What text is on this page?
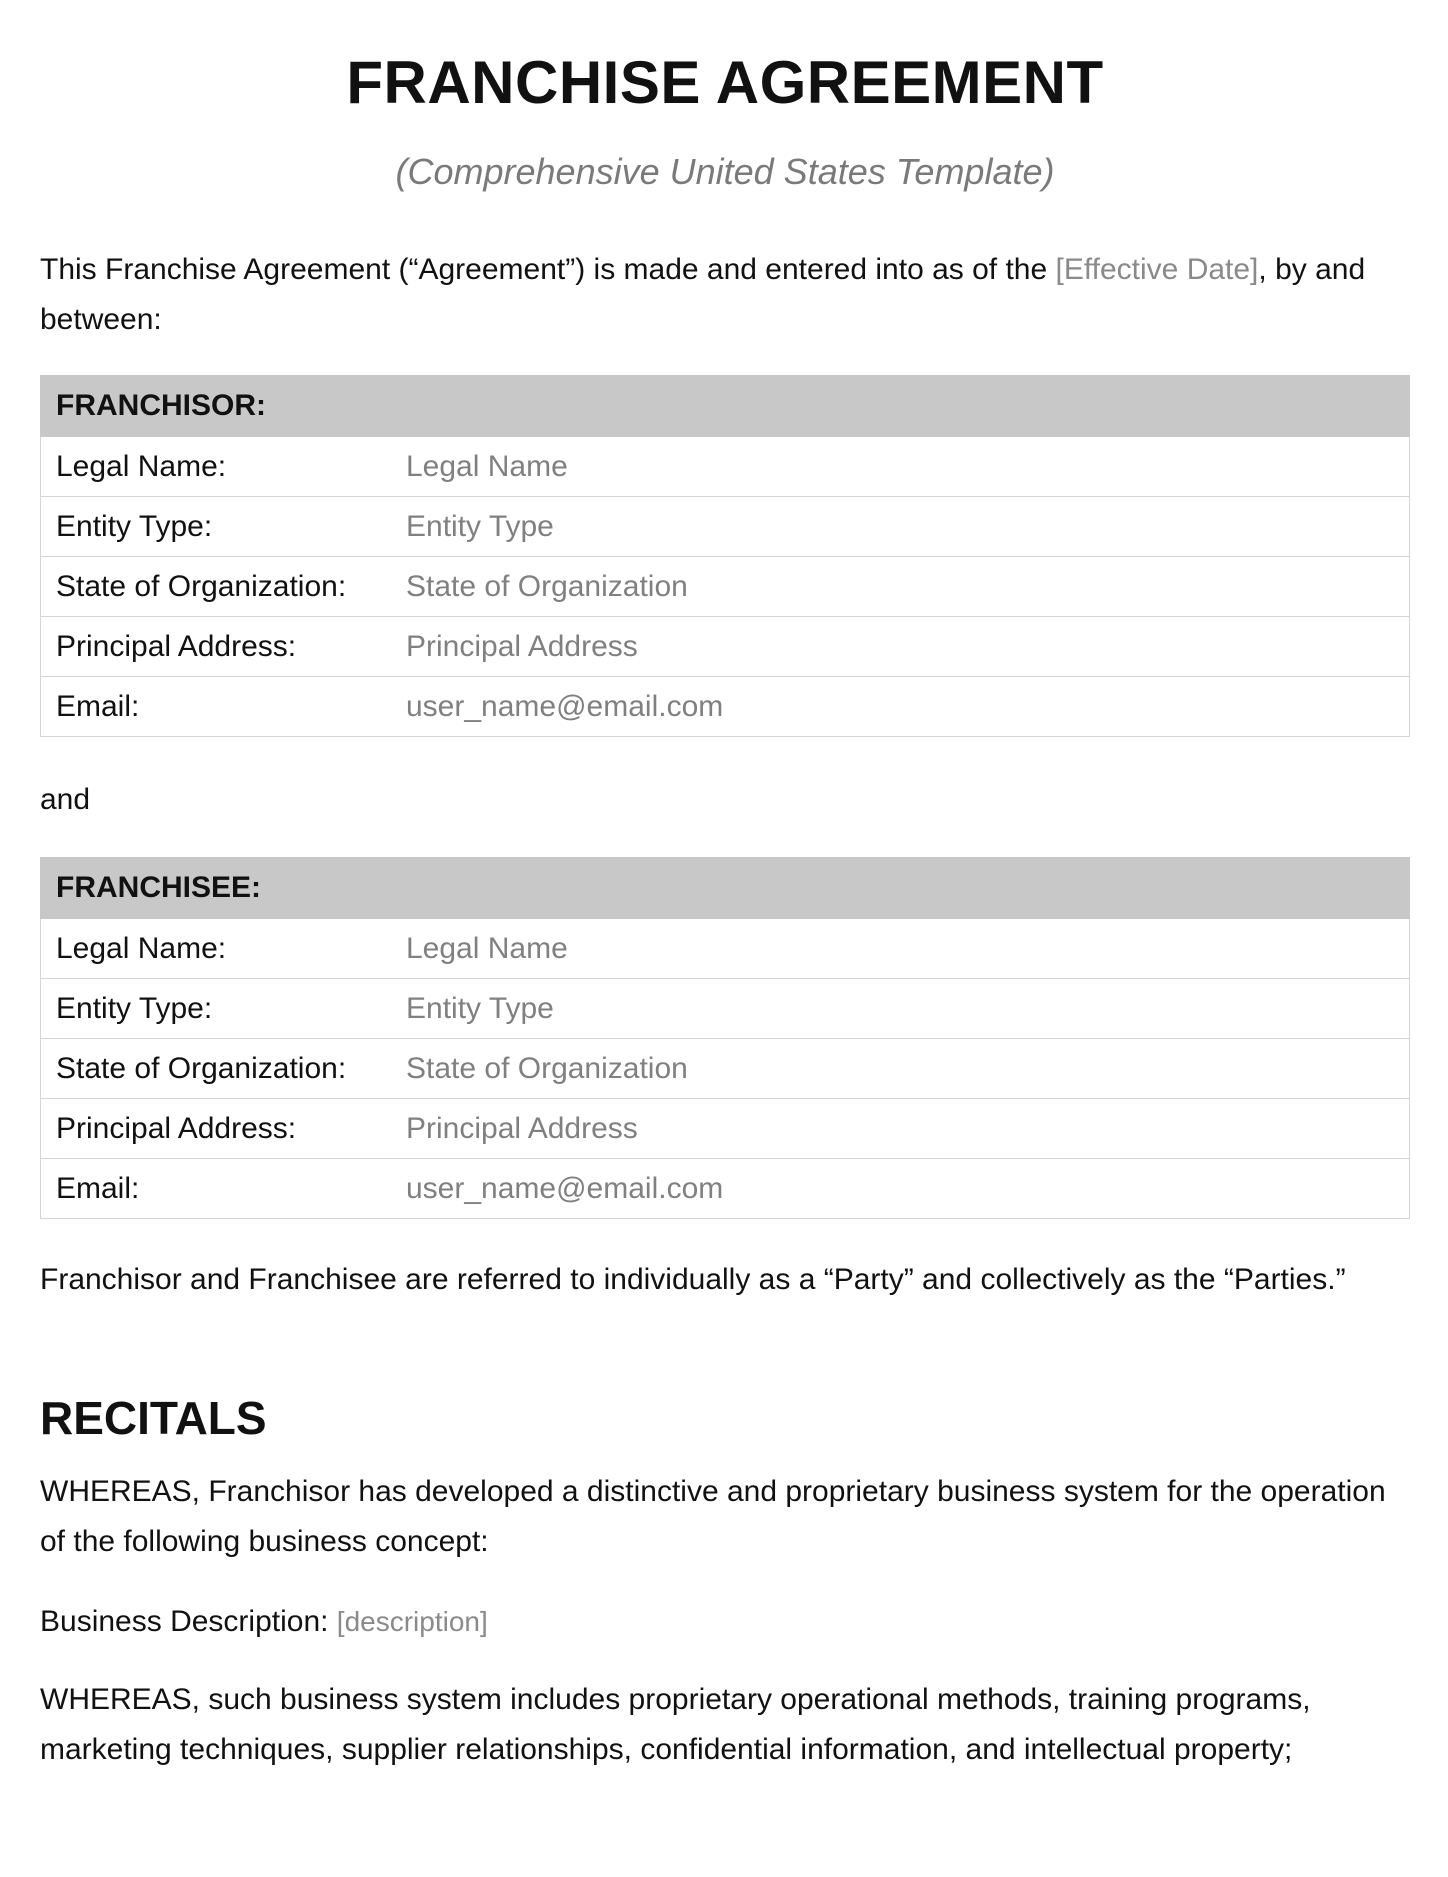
FRANCHISE AGREEMENT
(Comprehensive United States Template)
This Franchise Agreement (“Agreement”) is made and entered into as of the [Effective Date], by and between:
FRANCHISOR:	
Legal Name:	Legal Name
Entity Type:	Entity Type
State of Organization:	State of Organization
Principal Address:	Principal Address
Email:	user_name@email.com
and
FRANCHISEE:	
Legal Name:	Legal Name
Entity Type:	Entity Type
State of Organization:	State of Organization
Principal Address:	Principal Address
Email:	user_name@email.com
Franchisor and Franchisee are referred to individually as a “Party” and collectively as the “Parties.”
RECITALS
WHEREAS, Franchisor has developed a distinctive and proprietary business system for the operation of the following business concept:
Business Description: [description]
WHEREAS, such business system includes proprietary operational methods, training programs, marketing techniques, supplier relationships, confidential information, and intellectual property;
